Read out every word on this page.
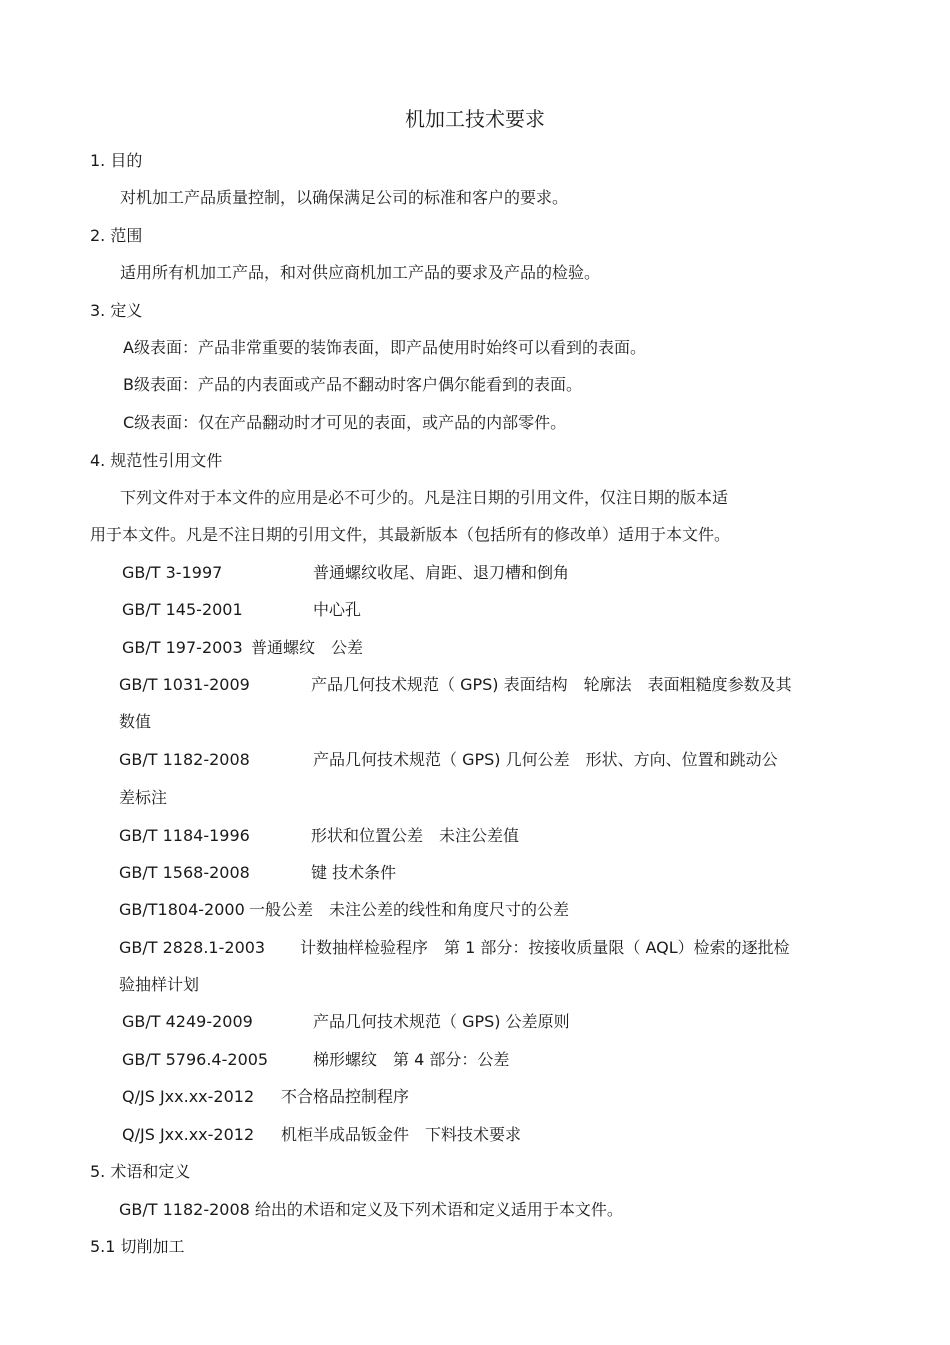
机加工技术要求
1. 目的
对机加工产品质量控制，以确保满足公司的标准和客户的要求。
2. 范围
适用所有机加工产品，和对供应商机加工产品的要求及产品的检验。
3. 定义
A级表面：产品非常重要的装饰表面，即产品使用时始终可以看到的表面。
B级表面：产品的内表面或产品不翻动时客户偶尔能看到的表面。
C级表面：仅在产品翻动时才可见的表面，或产品的内部零件。
4. 规范性引用文件
下列文件对于本文件的应用是必不可少的。凡是注日期的引用文件，仅注日期的版本适
用于本文件。凡是不注日期的引用文件，其最新版本（包括所有的修改单）适用于本文件。
GB/T 3-1997	普通螺纹收尾、肩距、退刀槽和倒角
GB/T 145-2001	中心孔
GB/T 197-2003 普通螺纹　公差
GB/T 1031-2009	产品几何技术规范（ GPS) 表面结构　轮廓法　表面粗糙度参数及其
数值
GB/T 1182-2008	产品几何技术规范（ GPS) 几何公差　形状、方向、位置和跳动公
差标注
GB/T 1184-1996	形状和位置公差　未注公差值
GB/T 1568-2008	键 技术条件
GB/T1804-2000 一般公差　未注公差的线性和角度尺寸的公差
GB/T 2828.1-2003 计数抽样检验程序　第 1 部分：按接收质量限（ AQL）检索的逐批检
验抽样计划
GB/T 4249-2009	产品几何技术规范（ GPS) 公差原则
GB/T 5796.4-2005	梯形螺纹　第 4 部分：公差
Q/JS Jxx.xx-2012 不合格品控制程序
Q/JS Jxx.xx-2012 机柜半成品钣金件　下料技术要求
5. 术语和定义
GB/T 1182-2008 给出的术语和定义及下列术语和定义适用于本文件。
5.1 切削加工
